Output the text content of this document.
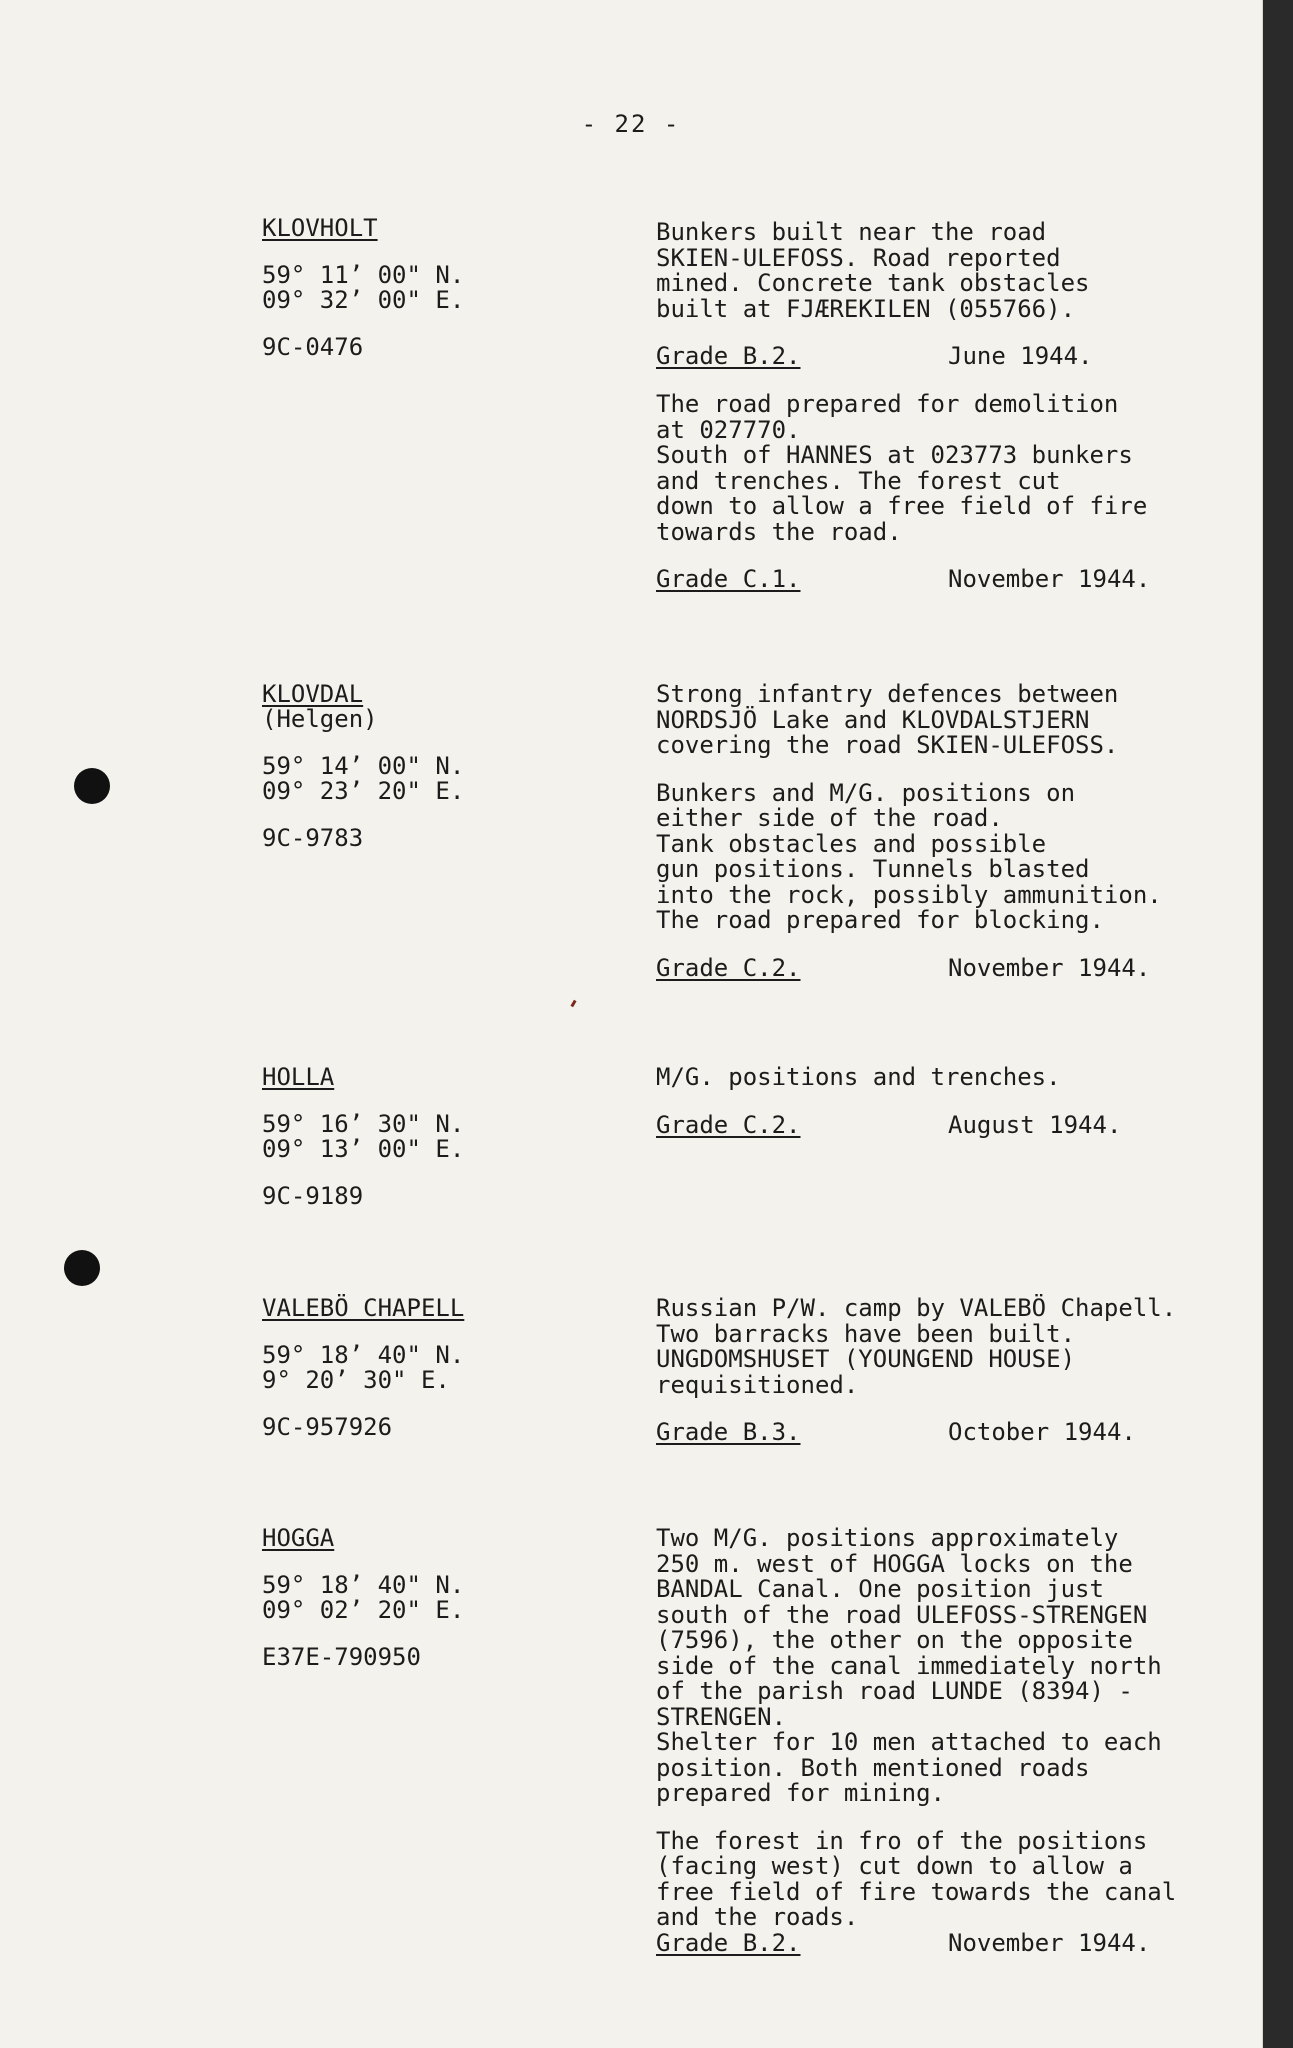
- 22 -
KLOVHOLT
59° 11’ 00" N.
09° 32’ 00" E.
9C-0476
Bunkers built near the road
SKIEN-ULEFOSS. Road reported
mined. Concrete tank obstacles
built at FJÆREKILEN (055766).
Grade B.2.	June 1944.
The road prepared for demolition
at 027770.
South of HANNES at 023773 bunkers
and trenches. The forest cut
down to allow a free field of fire
towards the road.
Grade C.1.	November 1944.
KLOVDAL
(Helgen)
59° 14’ 00" N.
09° 23’ 20" E.
9C-9783
Strong infantry defences between
NORDSJÖ Lake and KLOVDALSTJERN
covering the road SKIEN-ULEFOSS.
Bunkers and M/G. positions on
either side of the road.
Tank obstacles and possible
gun positions. Tunnels blasted
into the rock, possibly ammunition.
The road prepared for blocking.
Grade C.2.	November 1944.
HOLLA
59° 16’ 30" N.
09° 13’ 00" E.
9C-9189
M/G. positions and trenches.
Grade C.2.	August 1944.
VALEBÖ CHAPELL
59° 18’ 40" N.
9° 20’ 30" E.
9C-957926
Russian P/W. camp by VALEBÖ Chapell.
Two barracks have been built.
UNGDOMSHUSET (YOUNGEND HOUSE)
requisitioned.
Grade B.3.	October 1944.
HOGGA
59° 18’ 40" N.
09° 02’ 20" E.
E37E-790950
Two M/G. positions approximately
250 m. west of HOGGA locks on the
BANDAL Canal. One position just
south of the road ULEFOSS-STRENGEN
(7596), the other on the opposite
side of the canal immediately north
of the parish road LUNDE (8394) -
STRENGEN.
Shelter for 10 men attached to each
position. Both mentioned roads
prepared for mining.
The forest in fro of the positions
(facing west) cut down to allow a
free field of fire towards the canal
and the roads.
Grade B.2.	November 1944.
